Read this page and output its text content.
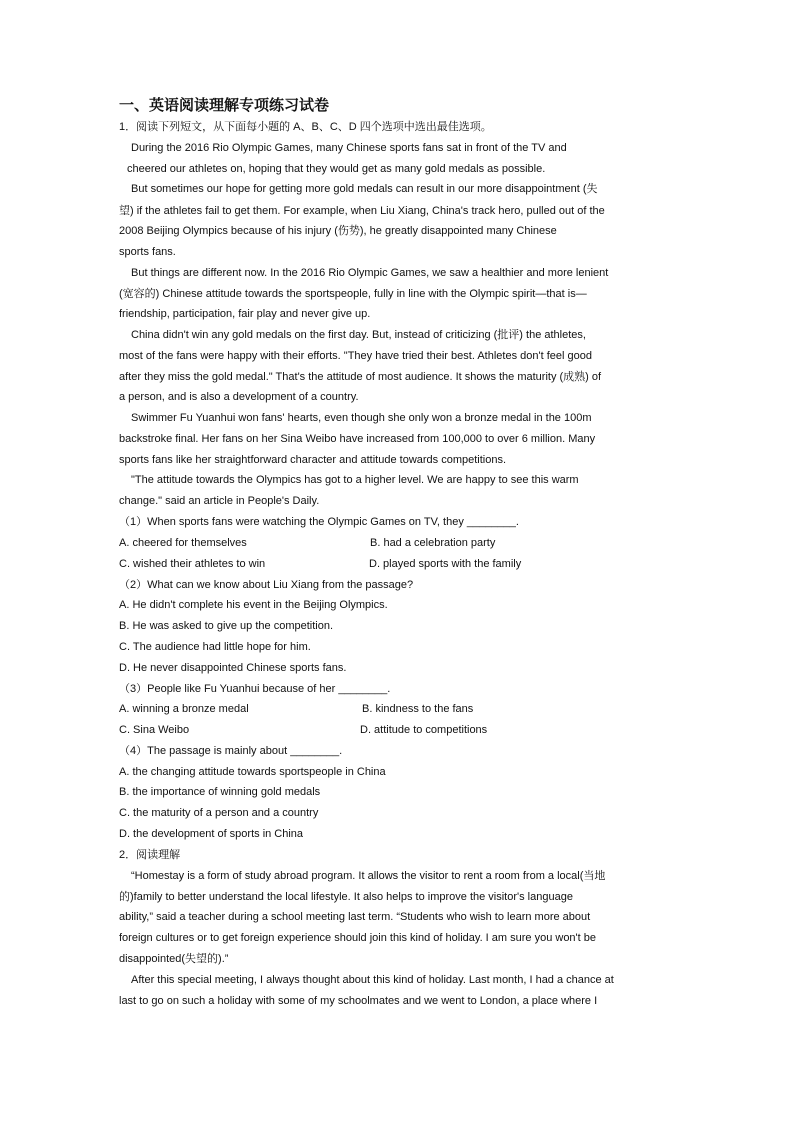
一、英语阅读理解专项练习试卷
1．阅读下列短文，从下面每小题的 A、B、C、D 四个选项中选出最佳选项。
During the 2016 Rio Olympic Games, many Chinese sports fans sat in front of the TV and
cheered our athletes on, hoping that they would get as many gold medals as possible.
But sometimes our hope for getting more gold medals can result in our more disappointment (失
望) if the athletes fail to get them. For example, when Liu Xiang, China's track hero, pulled out of the
2008 Beijing Olympics because of his injury (伤势), he greatly disappointed many Chinese
sports fans.
But things are different now. In the 2016 Rio Olympic Games, we saw a healthier and more lenient
(宽容的) Chinese attitude towards the sportspeople, fully in line with the Olympic spirit—that is—
friendship, participation, fair play and never give up.
China didn't win any gold medals on the first day. But, instead of criticizing (批评) the athletes,
most of the fans were happy with their efforts. "They have tried their best. Athletes don't feel good
after they miss the gold medal." That's the attitude of most audience. It shows the maturity (成熟) of
a person, and is also a development of a country.
Swimmer Fu Yuanhui won fans' hearts, even though she only won a bronze medal in the 100m
backstroke final. Her fans on her Sina Weibo have increased from 100,000 to over 6 million. Many
sports fans like her straightforward character and attitude towards competitions.
"The attitude towards the Olympics has got to a higher level. We are happy to see this warm
change." said an article in People's Daily.
（1）When sports fans were watching the Olympic Games on TV, they ________.
A. cheered for themselves	B. had a celebration party
C. wished their athletes to win	D. played sports with the family
（2）What can we know about Liu Xiang from the passage?
A. He didn't complete his event in the Beijing Olympics.
B. He was asked to give up the competition.
C. The audience had little hope for him.
D. He never disappointed Chinese sports fans.
（3）People like Fu Yuanhui because of her ________.
A. winning a bronze medal	B. kindness to the fans
C. Sina Weibo	D. attitude to competitions
（4）The passage is mainly about ________.
A. the changing attitude towards sportspeople in China
B. the importance of winning gold medals
C. the maturity of a person and a country
D. the development of sports in China
2．阅读理解
“Homestay is a form of study abroad program. It allows the visitor to rent a room from a local(当地
的)family to better understand the local lifestyle. It also helps to improve the visitor's language
ability,” said a teacher during a school meeting last term. “Students who wish to learn more about
foreign cultures or to get foreign experience should join this kind of holiday. I am sure you won't be
disappointed(失望的).”
After this special meeting, I always thought about this kind of holiday. Last month, I had a chance at
last to go on such a holiday with some of my schoolmates and we went to London, a place where I
